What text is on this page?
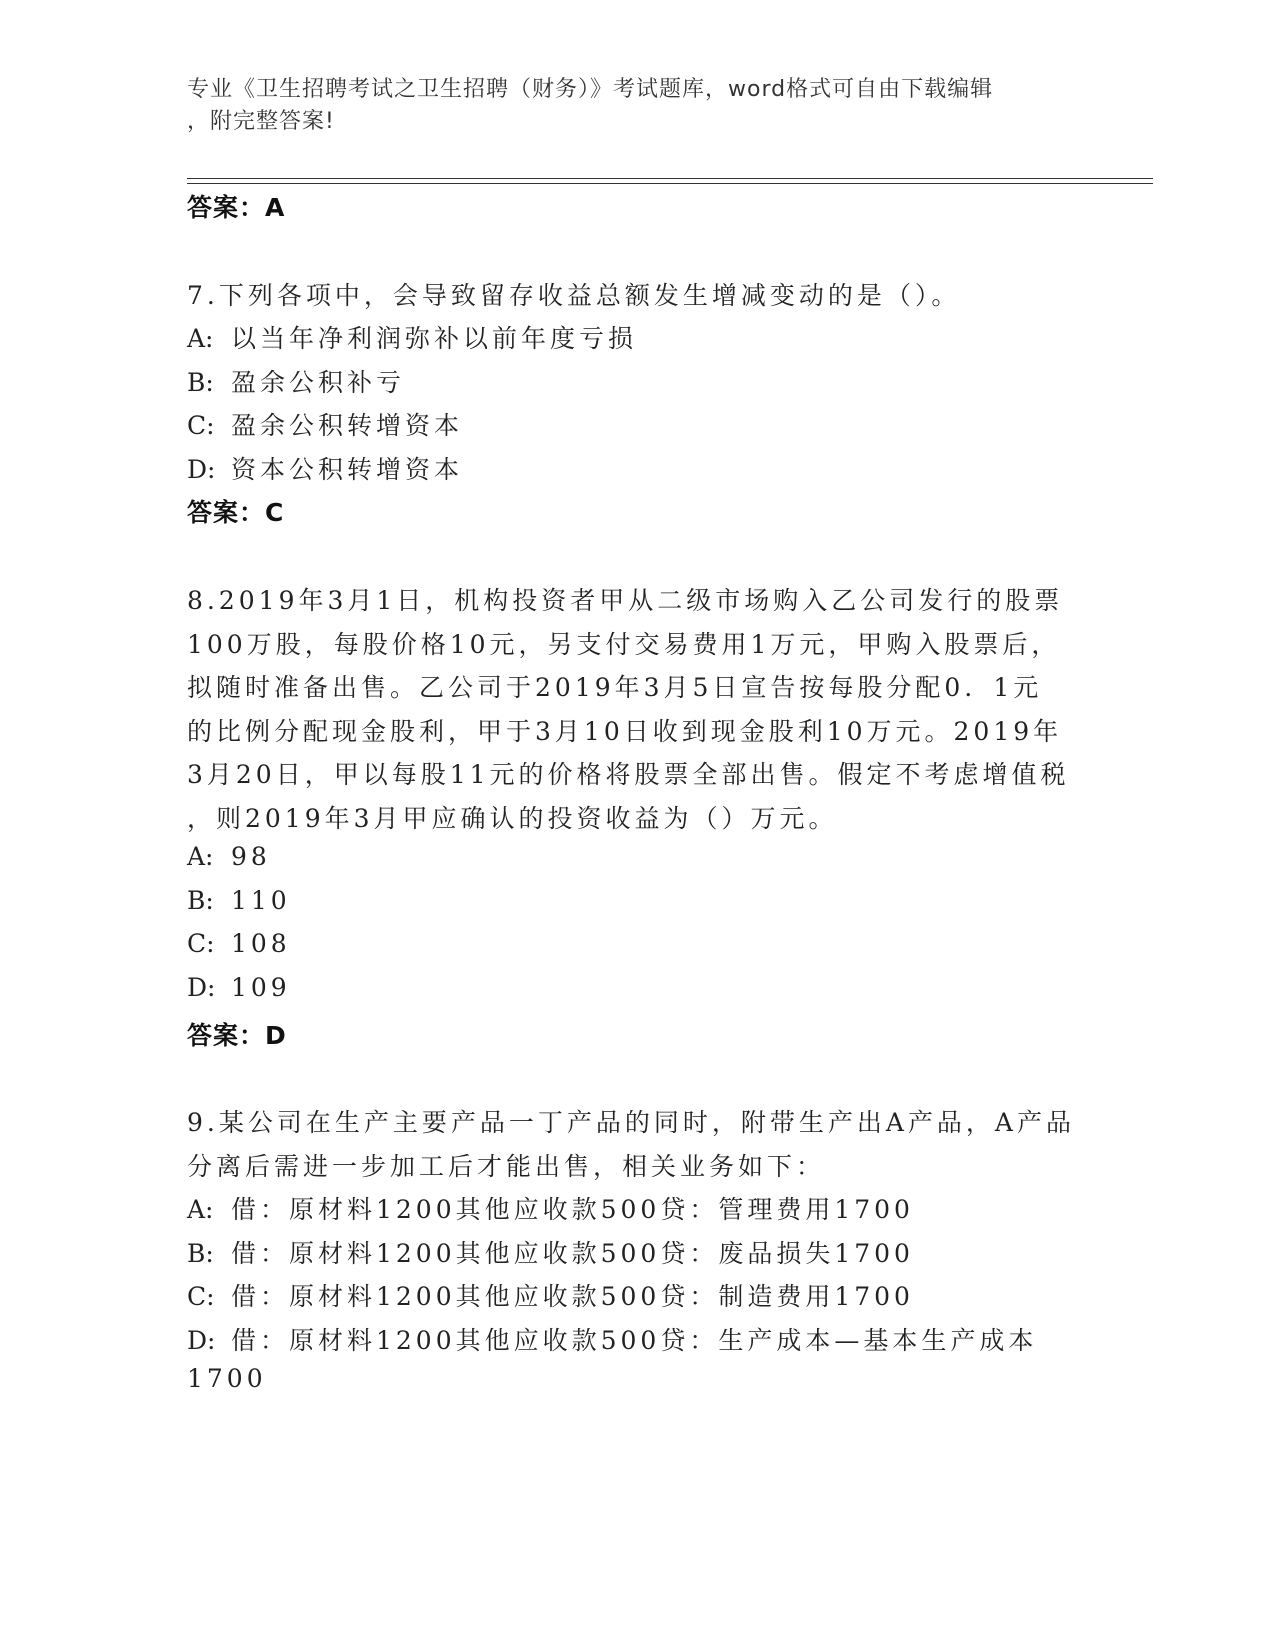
专业《卫生招聘考试之卫生招聘（财务）》考试题库，word格式可自由下载编辑
，附完整答案!
答案：A
7.下列各项中，会导致留存收益总额发生增减变动的是（）。
A: 以当年净利润弥补以前年度亏损
B: 盈余公积补亏
C: 盈余公积转增资本
D: 资本公积转增资本
答案：C
8.2019年3月1日，机构投资者甲从二级市场购入乙公司发行的股票
100万股，每股价格10元，另支付交易费用1万元，甲购入股票后，
拟随时准备出售。乙公司于2019年3月5日宣告按每股分配0．1元
的比例分配现金股利，甲于3月10日收到现金股利10万元。2019年
3月20日，甲以每股11元的价格将股票全部出售。假定不考虑增值税
，则2019年3月甲应确认的投资收益为（）万元。
A: 98
B: 110
C: 108
D: 109
答案：D
9.某公司在生产主要产品一丁产品的同时，附带生产出A产品，A产品
分离后需进一步加工后才能出售，相关业务如下：
A: 借：原材料1200其他应收款500贷：管理费用1700
B: 借：原材料1200其他应收款500贷：废品损失1700
C: 借：原材料1200其他应收款500贷：制造费用1700
D: 借：原材料1200其他应收款500贷：生产成本—基本生产成本
1700
